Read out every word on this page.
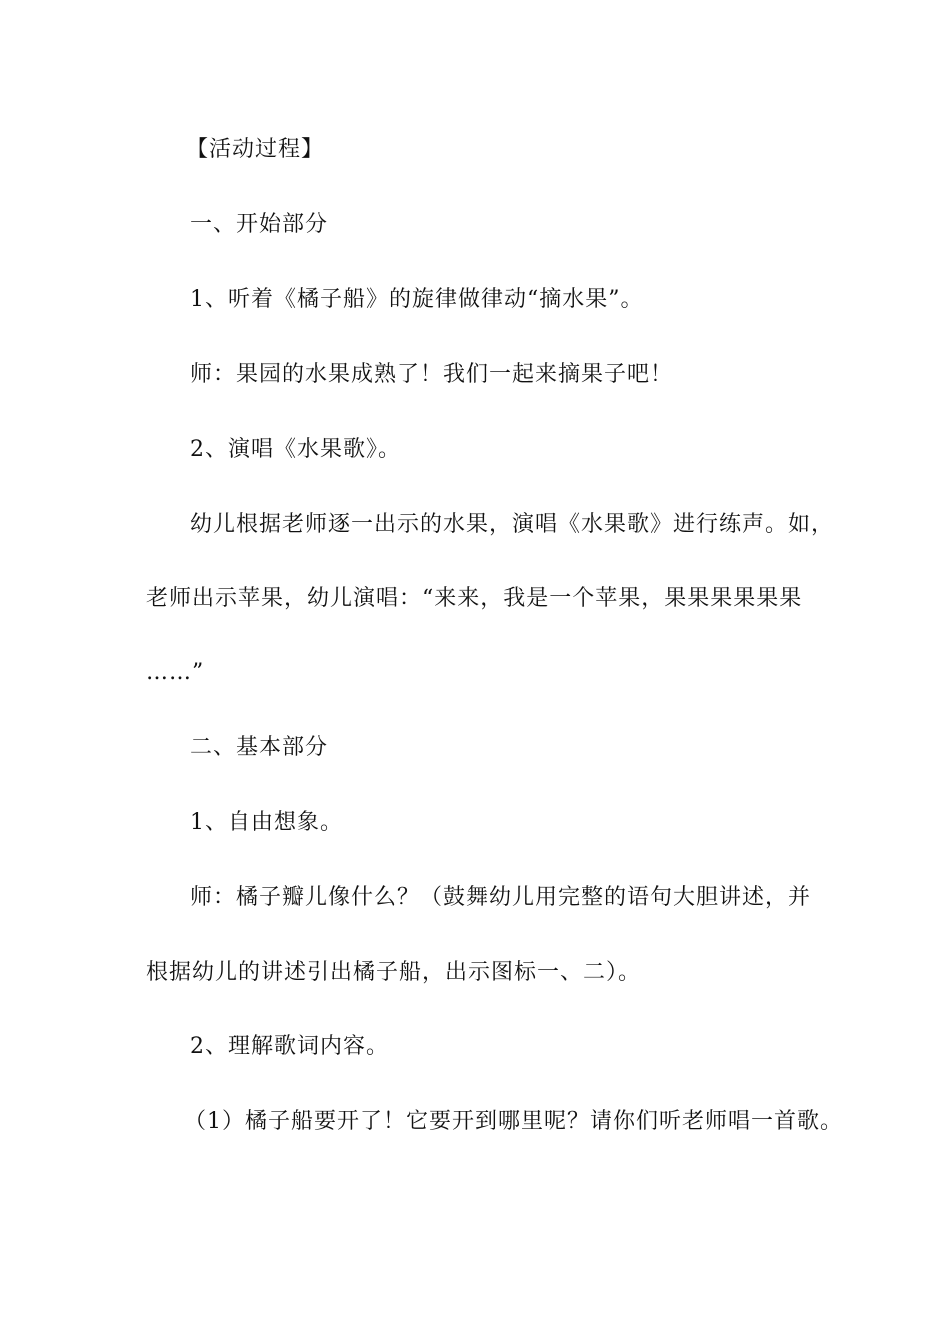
【活动过程】
一、开始部分
1、听着《橘子船》的旋律做律动“摘水果”。
师：果园的水果成熟了！我们一起来摘果子吧！
2、演唱《水果歌》。
幼儿根据老师逐一出示的水果，演唱《水果歌》进行练声。如，
老师出示苹果，幼儿演唱：“来来，我是一个苹果，果果果果果果
……”
二、基本部分
1、自由想象。
师：橘子瓣儿像什么？（鼓舞幼儿用完整的语句大胆讲述，并
根据幼儿的讲述引出橘子船，出示图标一、二）。
2、理解歌词内容。
（1）橘子船要开了！它要开到哪里呢？请你们听老师唱一首歌。
